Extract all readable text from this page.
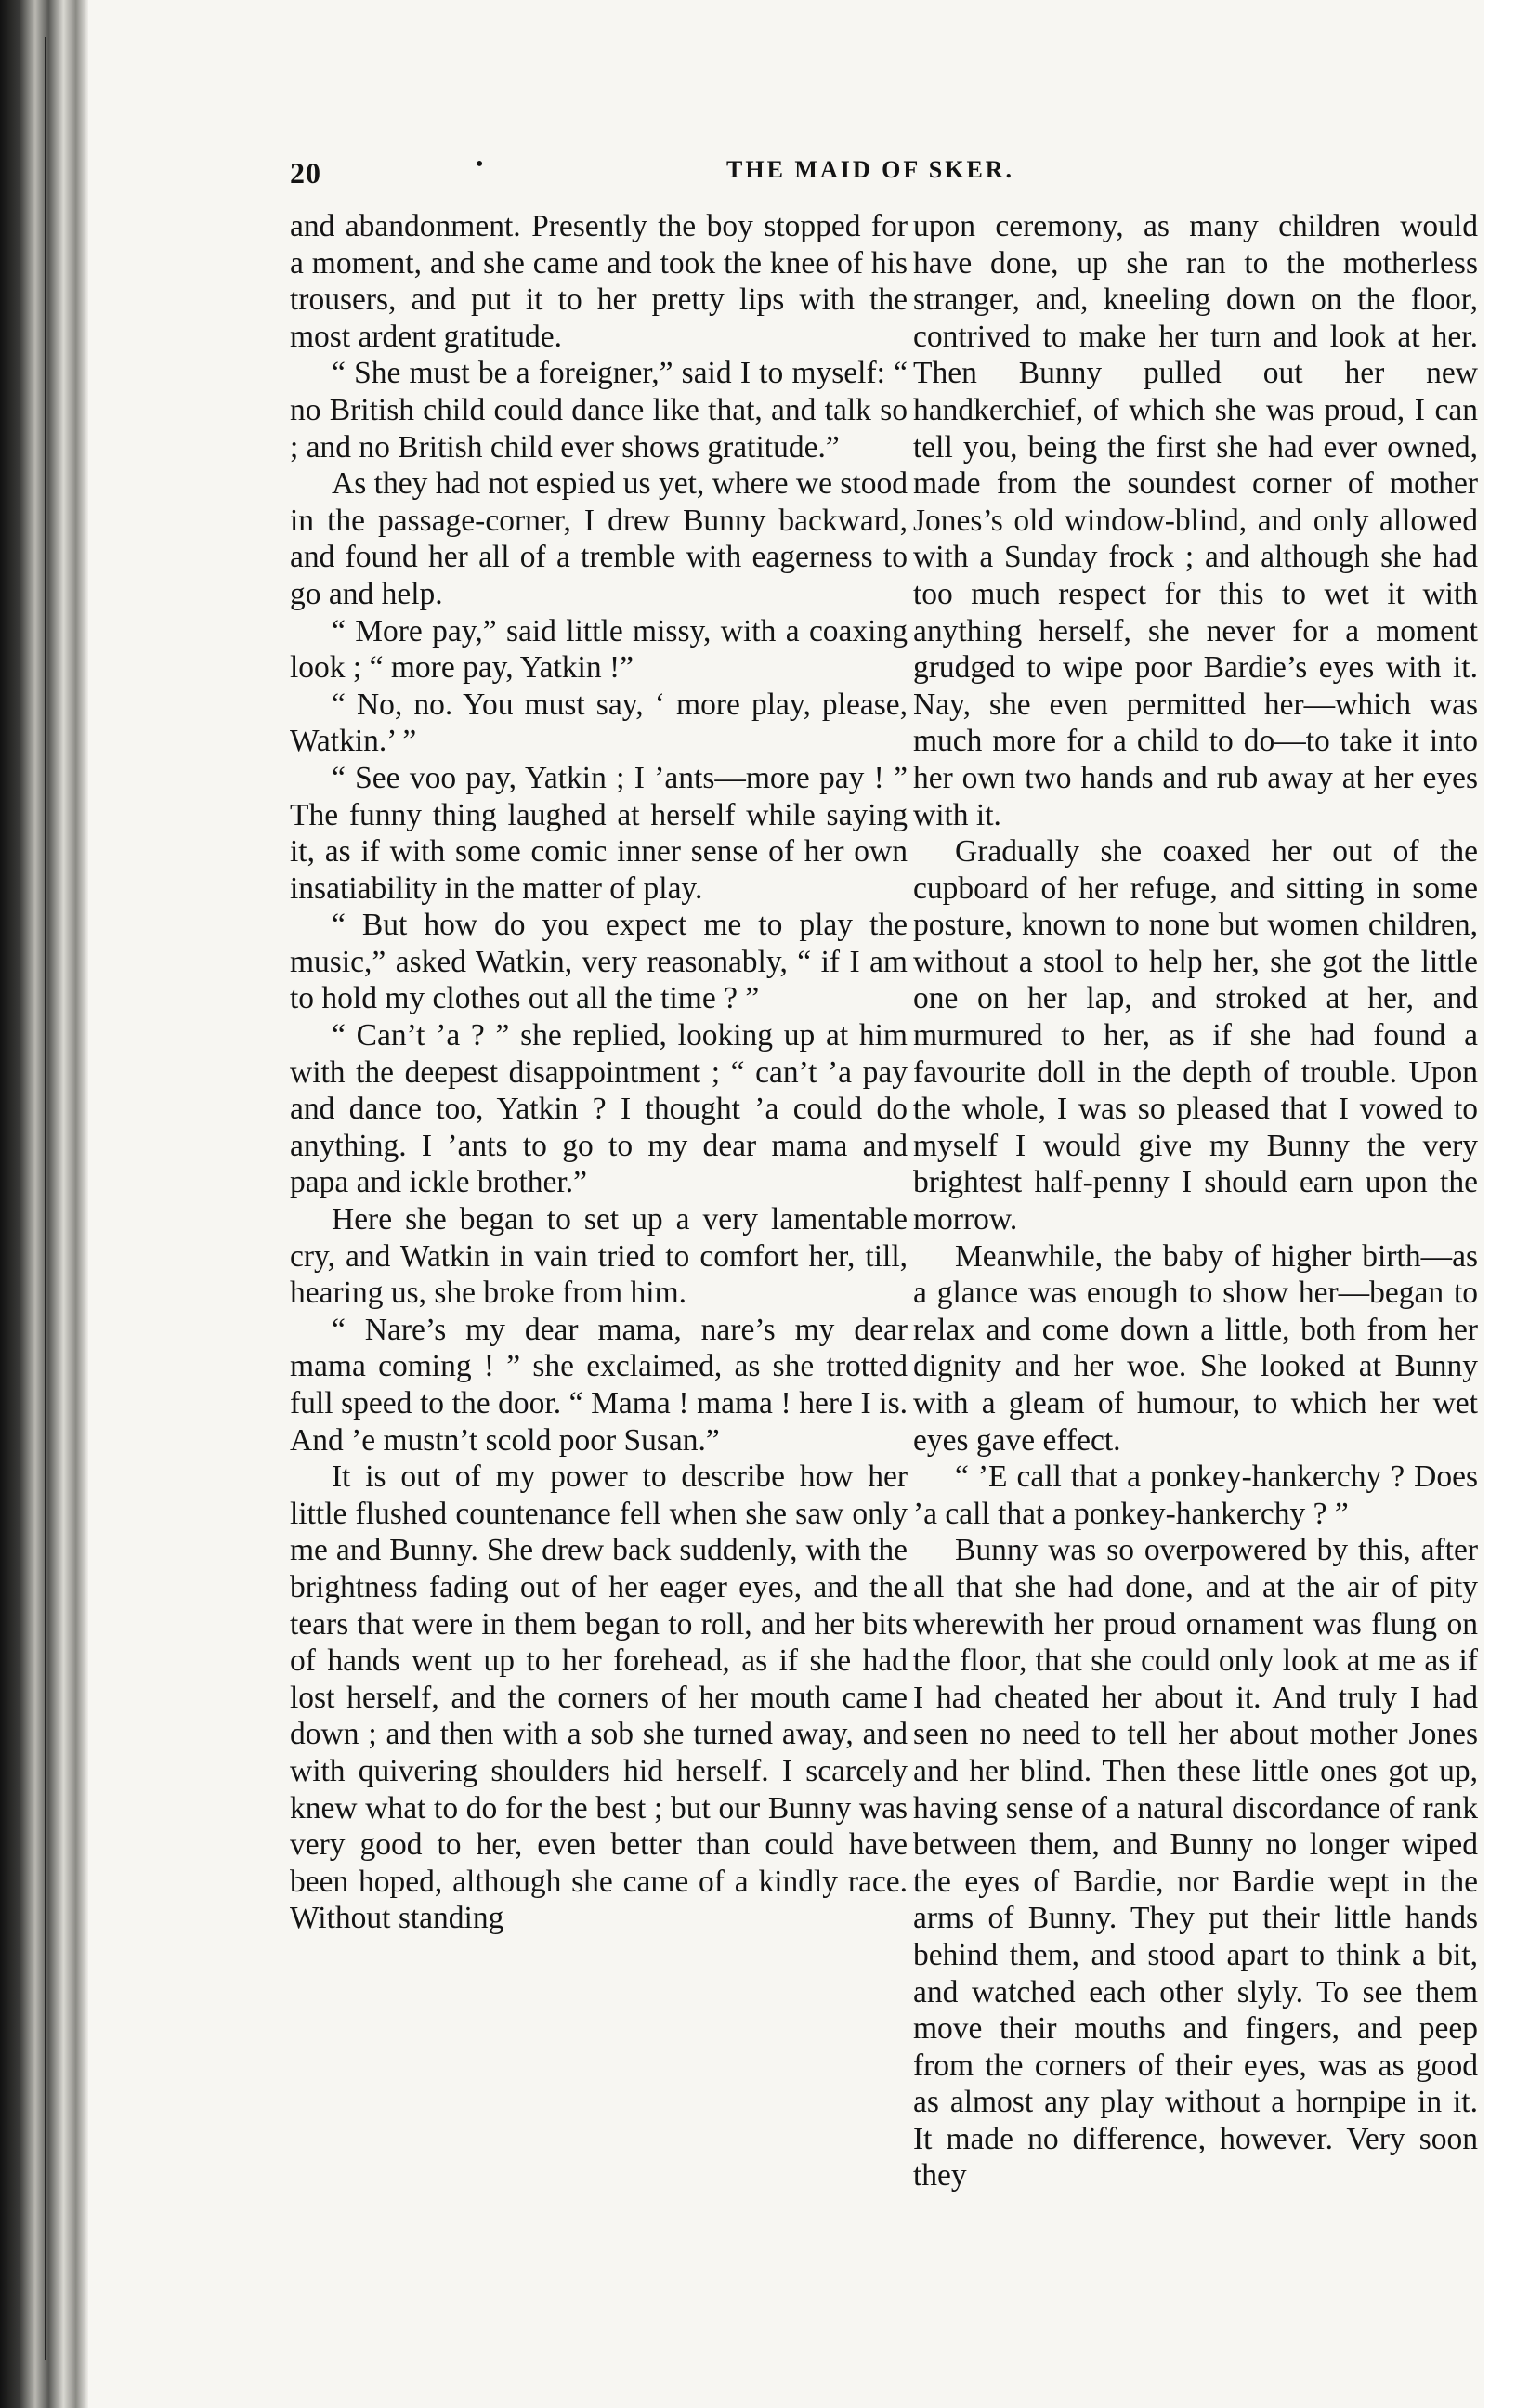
20	•	THE MAID OF SKER.

and abandonment. Presently the boy stopped for a moment, and she came and took the knee of his trousers, and put it to her pretty lips with the most ardent gratitude.

“ She must be a foreigner,” said I to myself: “ no British child could dance like that, and talk so ; and no British child ever shows gratitude.”

As they had not espied us yet, where we stood in the passage-corner, I drew Bunny backward, and found her all of a tremble with eagerness to go and help.

“ More pay,” said little missy, with a coaxing look ; “ more pay, Yatkin !”

“ No, no. You must say, ‘ more play, please, Watkin.’ ”

“ See voo pay, Yatkin ; I ’ants—more pay ! ” The funny thing laughed at herself while saying it, as if with some comic inner sense of her own insatiability in the matter of play.

“ But how do you expect me to play the music,” asked Watkin, very reasonably, “ if I am to hold my clothes out all the time ? ”

“ Can’t ’a ? ” she replied, looking up at him with the deepest disappointment ; “ can’t ’a pay and dance too, Yatkin ? I thought ’a could do anything. I ’ants to go to my dear mama and papa and ickle brother.”

Here she began to set up a very lamentable cry, and Watkin in vain tried to comfort her, till, hearing us, she broke from him.

“ Nare’s my dear mama, nare’s my dear mama coming ! ” she exclaimed, as she trotted full speed to the door. “ Mama ! mama ! here I is. And ’e mustn’t scold poor Susan.”

It is out of my power to describe how her little flushed countenance fell when she saw only me and Bunny. She drew back suddenly, with the brightness fading out of her eager eyes, and the tears that were in them began to roll, and her bits of hands went up to her forehead, as if she had lost herself, and the corners of her mouth came down ; and then with a sob she turned away, and with quivering shoulders hid herself. I scarcely knew what to do for the best ; but our Bunny was very good to her, even better than could have been hoped, although she came of a kindly race. Without standing

upon ceremony, as many children would have done, up she ran to the motherless stranger, and, kneeling down on the floor, contrived to make her turn and look at her. Then Bunny pulled out her new handkerchief, of which she was proud, I can tell you, being the first she had ever owned, made from the soundest corner of mother Jones’s old window-blind, and only allowed with a Sunday frock ; and although she had too much respect for this to wet it with anything herself, she never for a moment grudged to wipe poor Bardie’s eyes with it. Nay, she even permitted her—which was much more for a child to do—to take it into her own two hands and rub away at her eyes with it.

Gradually she coaxed her out of the cupboard of her refuge, and sitting in some posture, known to none but women children, without a stool to help her, she got the little one on her lap, and stroked at her, and murmured to her, as if she had found a favourite doll in the depth of trouble. Upon the whole, I was so pleased that I vowed to myself I would give my Bunny the very brightest half-penny I should earn upon the morrow.

Meanwhile, the baby of higher birth—as a glance was enough to show her—began to relax and come down a little, both from her dignity and her woe. She looked at Bunny with a gleam of humour, to which her wet eyes gave effect.

“ ’E call that a ponkey-hankerchy ? Does ’a call that a ponkey-hankerchy ? ”

Bunny was so overpowered by this, after all that she had done, and at the air of pity wherewith her proud ornament was flung on the floor, that she could only look at me as if I had cheated her about it. And truly I had seen no need to tell her about mother Jones and her blind. Then these little ones got up, having sense of a natural discordance of rank between them, and Bunny no longer wiped the eyes of Bardie, nor Bardie wept in the arms of Bunny. They put their little hands behind them, and stood apart to think a bit, and watched each other slyly. To see them move their mouths and fingers, and peep from the corners of their eyes, was as good as almost any play without a hornpipe in it. It made no difference, however. Very soon they
